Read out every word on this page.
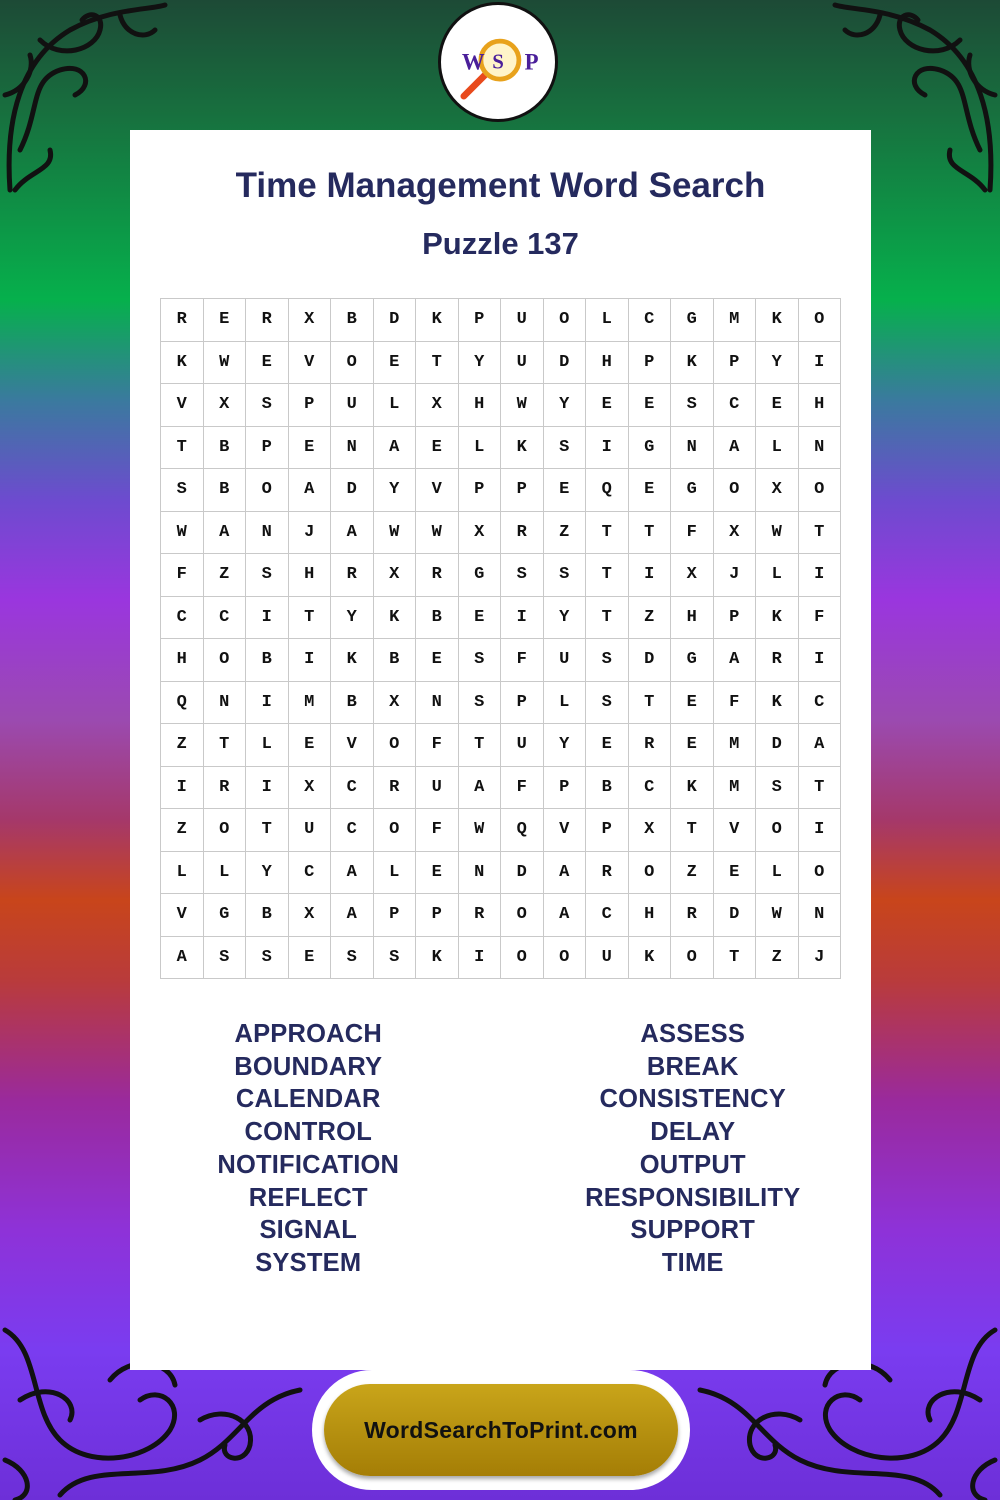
W S P
Time Management Word Search
Puzzle 137
R	E	R	X	B	D	K	P	U	O	L	C	G	M	K	O
K	W	E	V	O	E	T	Y	U	D	H	P	K	P	Y	I
V	X	S	P	U	L	X	H	W	Y	E	E	S	C	E	H
T	B	P	E	N	A	E	L	K	S	I	G	N	A	L	N
S	B	O	A	D	Y	V	P	P	E	Q	E	G	O	X	O
W	A	N	J	A	W	W	X	R	Z	T	T	F	X	W	T
F	Z	S	H	R	X	R	G	S	S	T	I	X	J	L	I
C	C	I	T	Y	K	B	E	I	Y	T	Z	H	P	K	F
H	O	B	I	K	B	E	S	F	U	S	D	G	A	R	I
Q	N	I	M	B	X	N	S	P	L	S	T	E	F	K	C
Z	T	L	E	V	O	F	T	U	Y	E	R	E	M	D	A
I	R	I	X	C	R	U	A	F	P	B	C	K	M	S	T
Z	O	T	U	C	O	F	W	Q	V	P	X	T	V	O	I
L	L	Y	C	A	L	E	N	D	A	R	O	Z	E	L	O
V	G	B	X	A	P	P	R	O	A	C	H	R	D	W	N
A	S	S	E	S	S	K	I	O	O	U	K	O	T	Z	J
APPROACH
BOUNDARY
CALENDAR
CONTROL
NOTIFICATION
REFLECT
SIGNAL
SYSTEM
ASSESS
BREAK
CONSISTENCY
DELAY
OUTPUT
RESPONSIBILITY
SUPPORT
TIME
WordSearchToPrint.com
